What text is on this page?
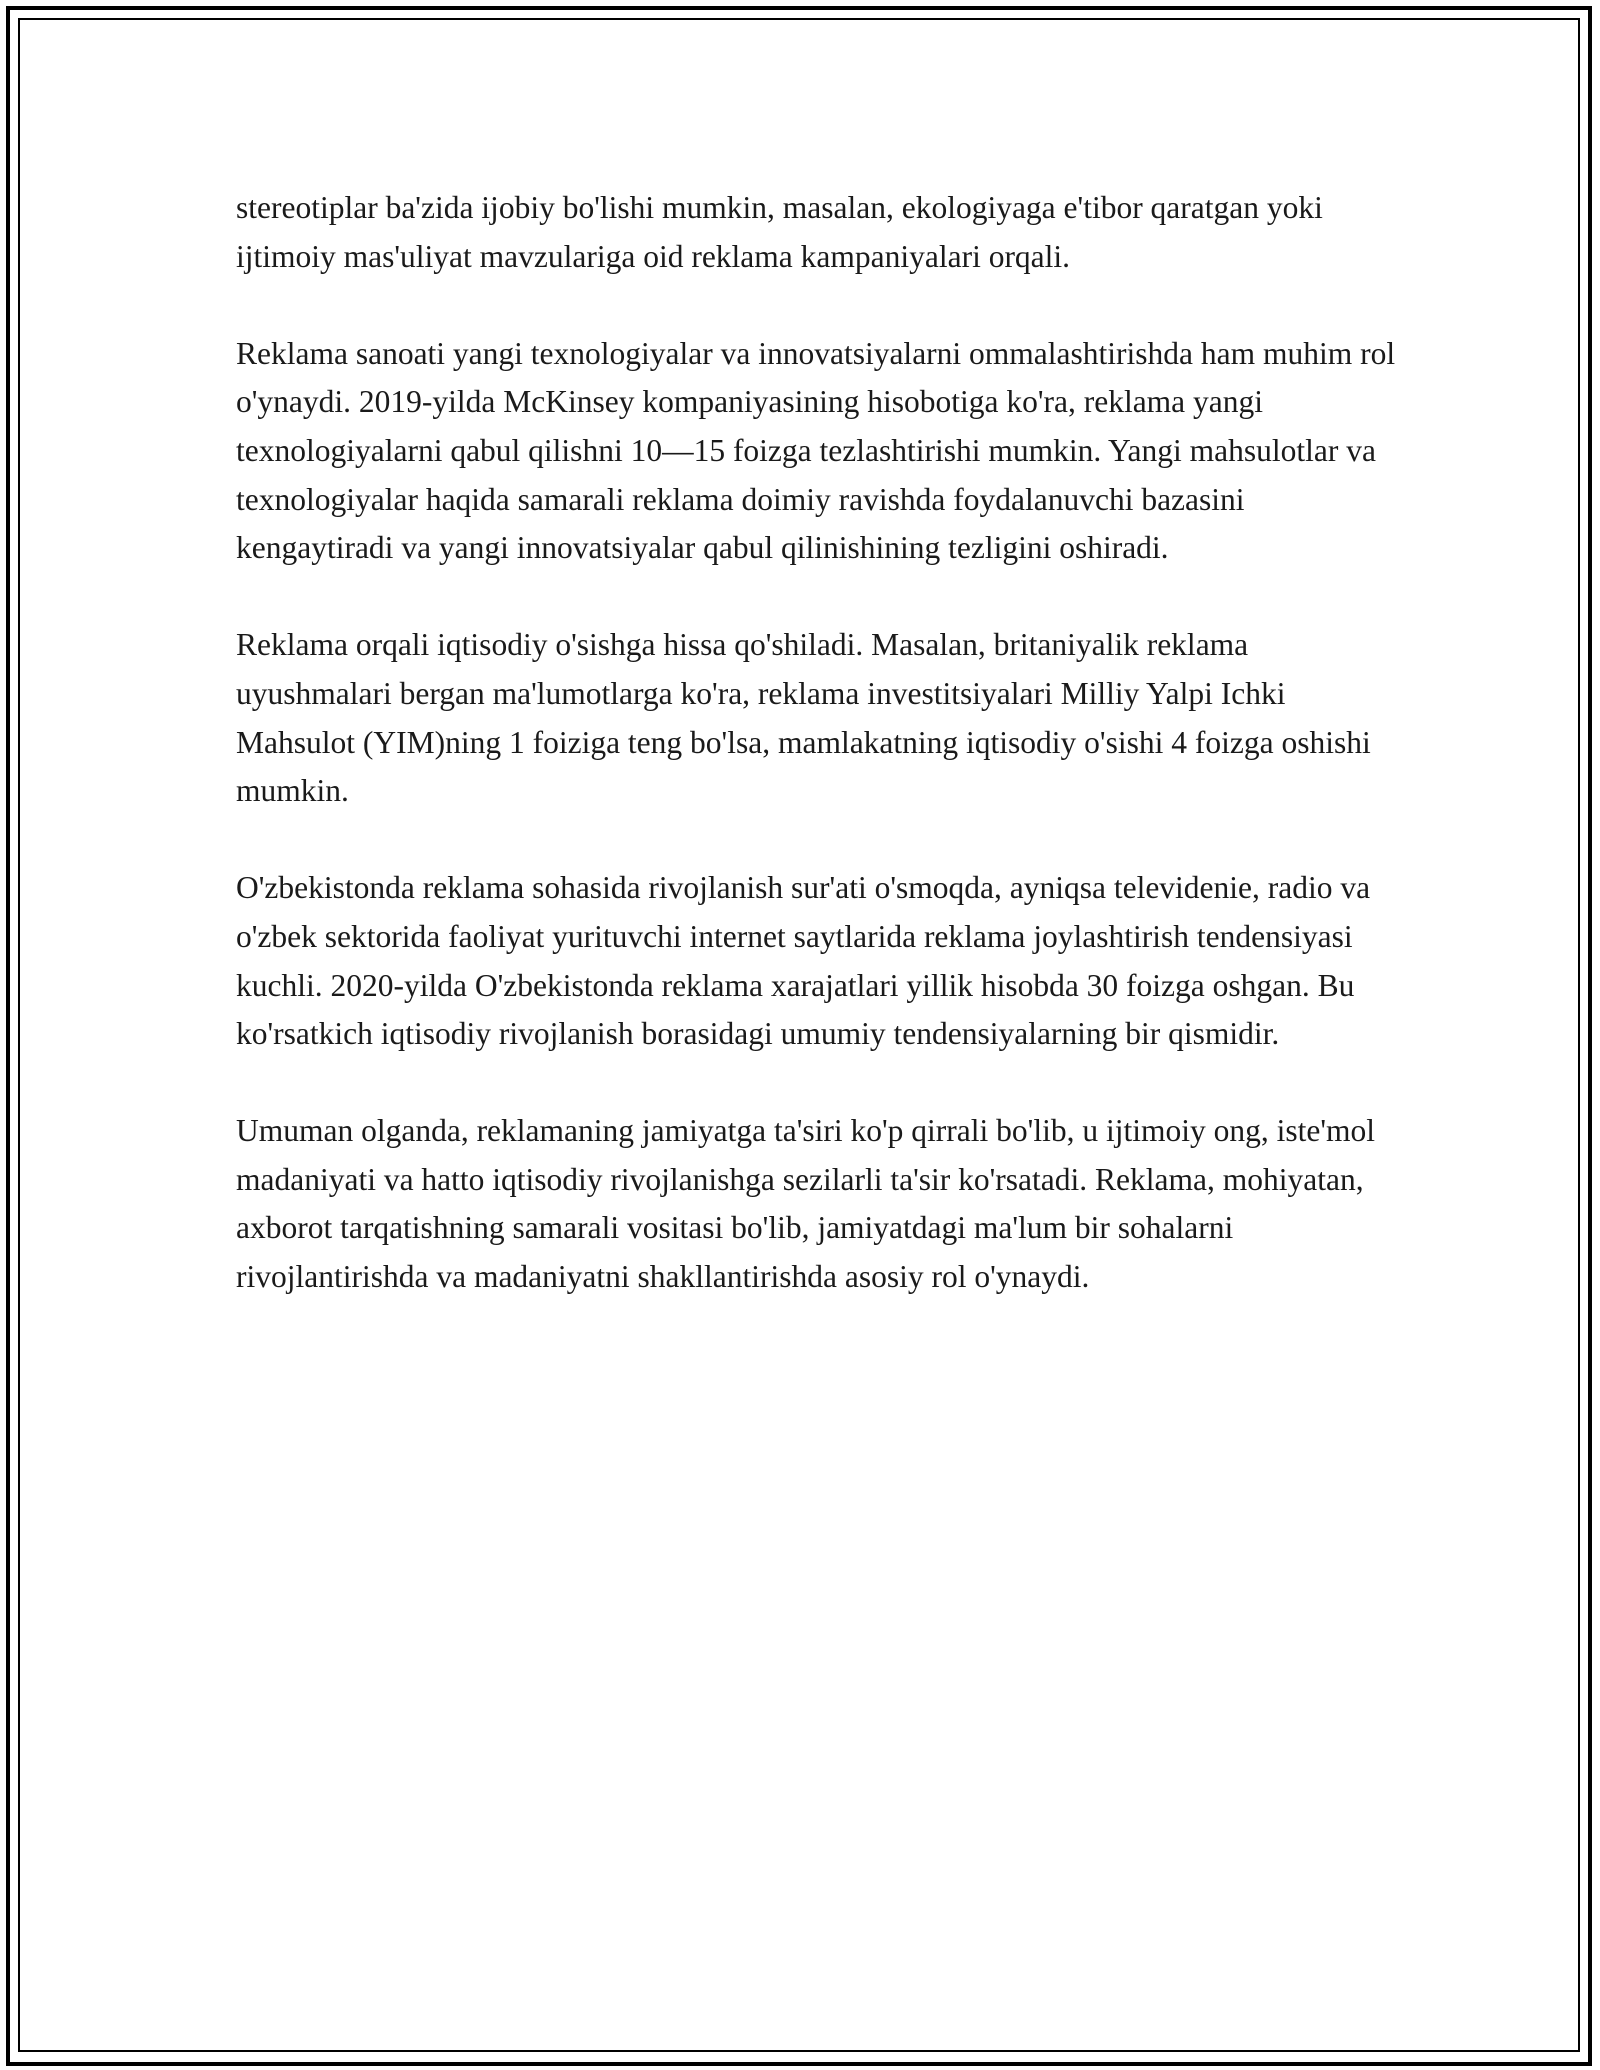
stereotiplar ba'zida ijobiy bo'lishi mumkin, masalan, ekologiyaga e'tibor qaratgan yoki ijtimoiy mas'uliyat mavzulariga oid reklama kampaniyalari orqali.

Reklama sanoati yangi texnologiyalar va innovatsiyalarni ommalashtirishda ham muhim rol o'ynaydi. 2019-yilda McKinsey kompaniyasining hisobotiga ko'ra, reklama yangi texnologiyalarni qabul qilishni 10—15 foizga tezlashtirishi mumkin. Yangi mahsulotlar va texnologiyalar haqida samarali reklama doimiy ravishda foydalanuvchi bazasini kengaytiradi va yangi innovatsiyalar qabul qilinishining tezligini oshiradi.

Reklama orqali iqtisodiy o'sishga hissa qo'shiladi. Masalan, britaniyalik reklama uyushmalari bergan ma'lumotlarga ko'ra, reklama investitsiyalari Milliy Yalpi Ichki Mahsulot (YIM)ning 1 foiziga teng bo'lsa, mamlakatning iqtisodiy o'sishi 4 foizga oshishi mumkin.

O'zbekistonda reklama sohasida rivojlanish sur'ati o'smoqda, ayniqsa televidenie, radio va o'zbek sektorida faoliyat yurituvchi internet saytlarida reklama joylashtirish tendensiyasi kuchli. 2020-yilda O'zbekistonda reklama xarajatlari yillik hisobda 30 foizga oshgan. Bu ko'rsatkich iqtisodiy rivojlanish borasidagi umumiy tendensiyalarning bir qismidir.

Umuman olganda, reklamaning jamiyatga ta'siri ko'p qirrali bo'lib, u ijtimoiy ong, iste'mol madaniyati va hatto iqtisodiy rivojlanishga sezilarli ta'sir ko'rsatadi. Reklama, mohiyatan, axborot tarqatishning samarali vositasi bo'lib, jamiyatdagi ma'lum bir sohalarni rivojlantirishda va madaniyatni shakllantirishda asosiy rol o'ynaydi.
